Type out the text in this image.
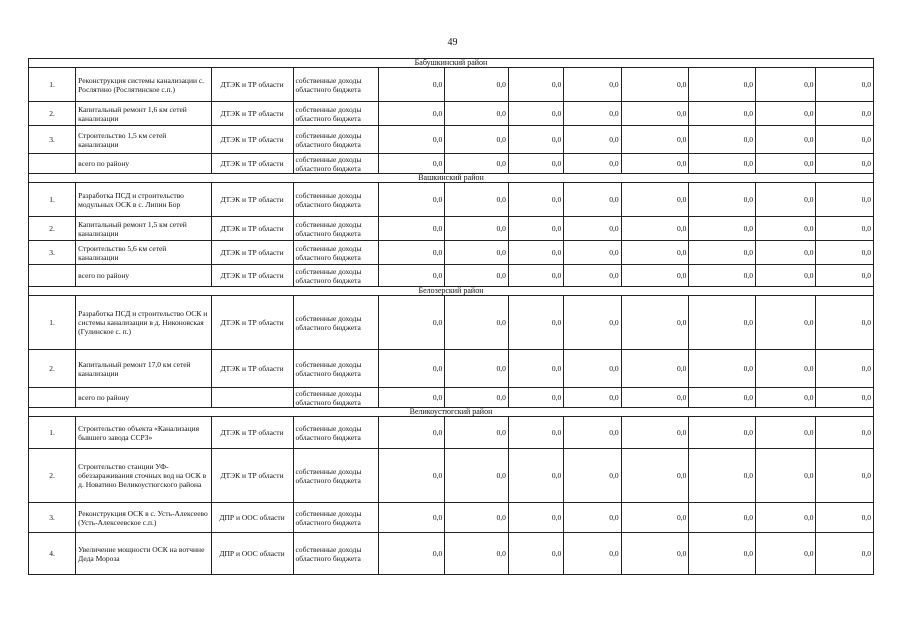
49
Бабушкинский район											
1.	Реконструкция системы канализации с. Рослятино (Рослятинское с.п.)	ДТЭК и ТР области	собственные доходы областного бюджета	0,0	0,0	0,0	0,0	0,0	0,0	0,0	0,0
2.	Капитальный ремонт 1,6 км сетей канализации	ДТЭК и ТР области	собственные доходы областного бюджета	0,0	0,0	0,0	0,0	0,0	0,0	0,0	0,0
3.	Строительство 1,5 км сетей канализации	ДТЭК и ТР области	собственные доходы областного бюджета	0,0	0,0	0,0	0,0	0,0	0,0	0,0	0,0
	всего по району	ДТЭК и ТР области	собственные доходы областного бюджета	0,0	0,0	0,0	0,0	0,0	0,0	0,0	0,0
Вашкинский район											
1.	Разработка ПСД и строительство модульных ОСК в с. Липин Бор	ДТЭК и ТР области	собственные доходы областного бюджета	0,0	0,0	0,0	0,0	0,0	0,0	0,0	0,0
2.	Капитальный ремонт 1,5 км сетей канализации	ДТЭК и ТР области	собственные доходы областного бюджета	0,0	0,0	0,0	0,0	0,0	0,0	0,0	0,0
3.	Строительство 5,6 км сетей канализации	ДТЭК и ТР области	собственные доходы областного бюджета	0,0	0,0	0,0	0,0	0,0	0,0	0,0	0,0
	всего по району	ДТЭК и ТР области	собственные доходы областного бюджета	0,0	0,0	0,0	0,0	0,0	0,0	0,0	0,0
Белозерский район											
1.	Разработка ПСД и строительство ОСК и системы канализации в д. Никоновская (Гулинское с. п.)	ДТЭК и ТР области	собственные доходы областного бюджета	0,0	0,0	0,0	0,0	0,0	0,0	0,0	0,0
2.	Капитальный ремонт 17,0 км сетей канализации	ДТЭК и ТР области	собственные доходы областного бюджета	0,0	0,0	0,0	0,0	0,0	0,0	0,0	0,0
	всего по району		собственные доходы областного бюджета	0,0	0,0	0,0	0,0	0,0	0,0	0,0	0,0
Великоустюгский район											
1.	Строительство объекта «Канализация бывшего завода ССРЗ»	ДТЭК и ТР области	собственные доходы областного бюджета	0,0	0,0	0,0	0,0	0,0	0,0	0,0	0,0
2.	Строительство станции УФ-обеззараживания сточных вод на ОСК в д. Новатино Великоустюгского района	ДТЭК и ТР области	собственные доходы областного бюджета	0,0	0,0	0,0	0,0	0,0	0,0	0,0	0,0
3.	Реконструкция ОСК в с. Усть-Алексеево (Усть-Алексеевское с.п.)	ДПР и ООС области	собственные доходы областного бюджета	0,0	0,0	0,0	0,0	0,0	0,0	0,0	0,0
4.	Увеличение мощности ОСК на вотчине Деда Мороза	ДПР и ООС области	собственные доходы областного бюджета	0,0	0,0	0,0	0,0	0,0	0,0	0,0	0,0
